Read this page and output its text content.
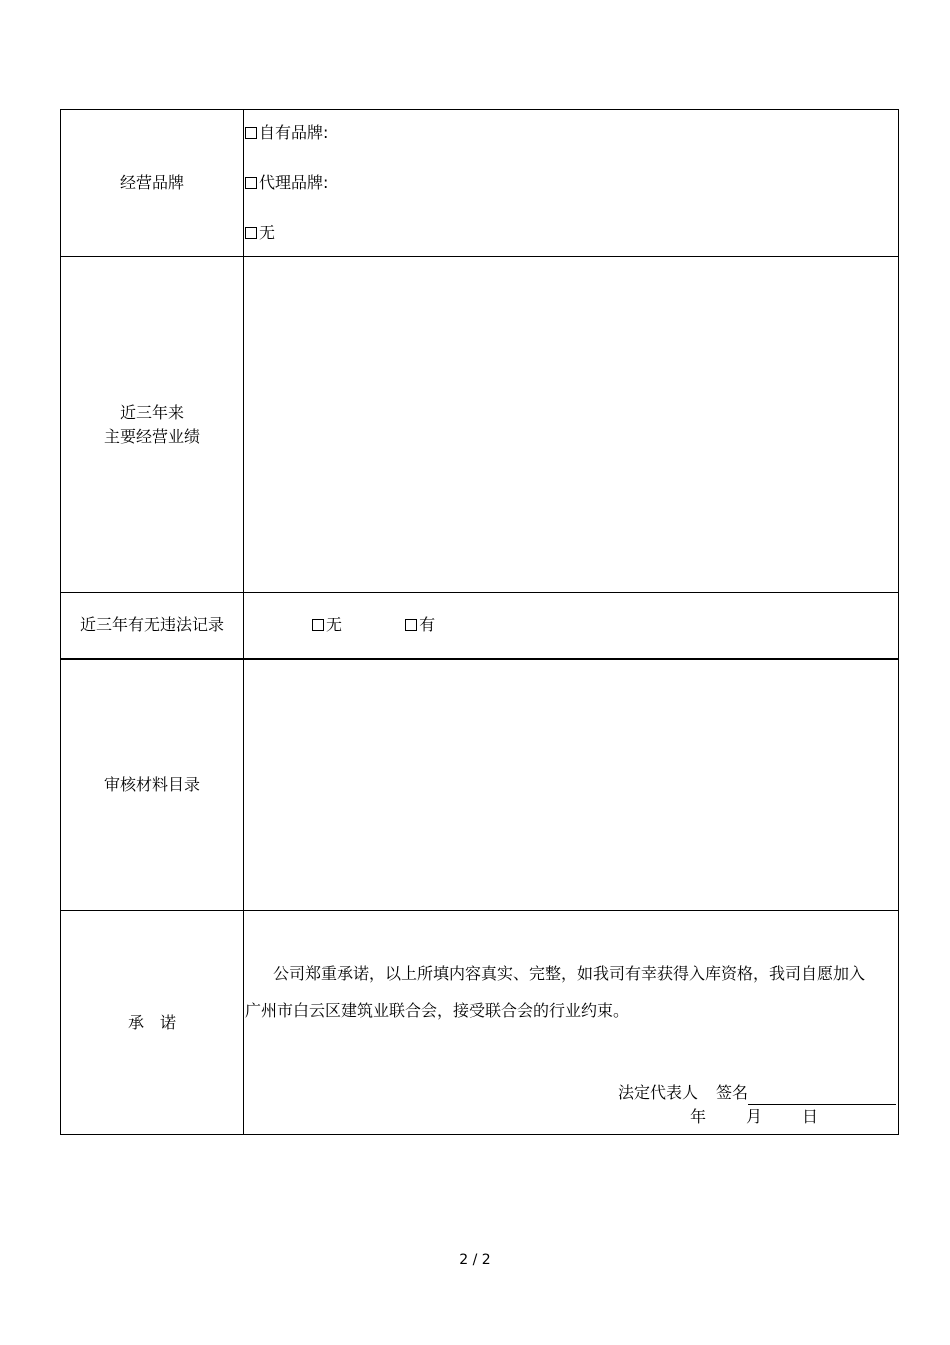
经营品牌	自有品牌:
代理品牌:
无

近三年来
主要经营业绩	

近三年有无违法记录	无 有

审核材料目录	
承　诺	公司郑重承诺，以上所填内容真实、完整，如我司有幸获得入库资格，我司自愿加入广州市白云区建筑业联合会，接受联合会的行业约束。
法定代表人 签名
年 月 日
2 / 2
